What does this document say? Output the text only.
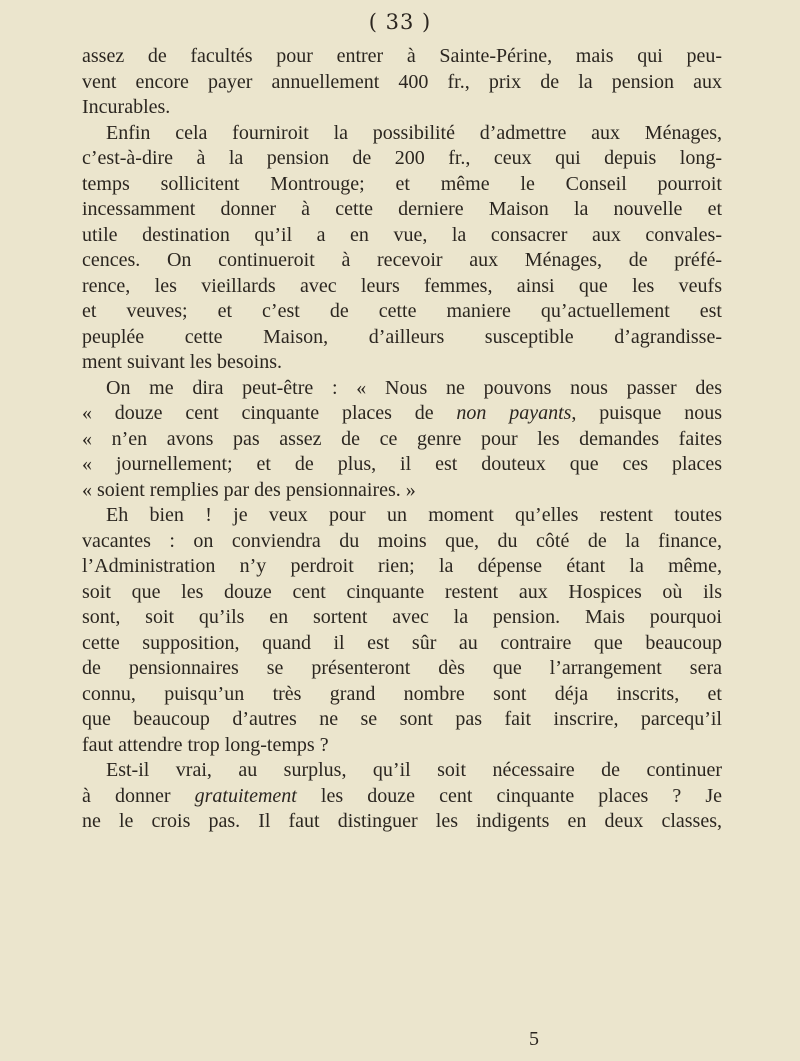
( 33 )
assez de facultés pour entrer à Sainte-Périne, mais qui peu-
vent encore payer annuellement 400 fr., prix de la pension aux
Incurables.
Enfin cela fourniroit la possibilité d’admettre aux Ménages,
c’est-à-dire à la pension de 200 fr., ceux qui depuis long-
temps sollicitent Montrouge; et même le Conseil pourroit
incessamment donner à cette derniere Maison la nouvelle et
utile destination qu’il a en vue, la consacrer aux convales-
cences. On continueroit à recevoir aux Ménages, de préfé-
rence, les vieillards avec leurs femmes, ainsi que les veufs
et veuves; et c’est de cette maniere qu’actuellement est
peuplée cette Maison, d’ailleurs susceptible d’agrandisse-
ment suivant les besoins.
On me dira peut-être : « Nous ne pouvons nous passer des
« douze cent cinquante places de non payants, puisque nous
« n’en avons pas assez de ce genre pour les demandes faites
« journellement; et de plus, il est douteux que ces places
« soient remplies par des pensionnaires. »
Eh bien ! je veux pour un moment qu’elles restent toutes
vacantes : on conviendra du moins que, du côté de la finance,
l’Administration n’y perdroit rien; la dépense étant la même,
soit que les douze cent cinquante restent aux Hospices où ils
sont, soit qu’ils en sortent avec la pension. Mais pourquoi
cette supposition, quand il est sûr au contraire que beaucoup
de pensionnaires se présenteront dès que l’arrangement sera
connu, puisqu’un très grand nombre sont déja inscrits, et
que beaucoup d’autres ne se sont pas fait inscrire, parcequ’il
faut attendre trop long-temps ?
Est-il vrai, au surplus, qu’il soit nécessaire de continuer
à donner gratuitement les douze cent cinquante places ? Je
ne le crois pas. Il faut distinguer les indigents en deux classes,
5
